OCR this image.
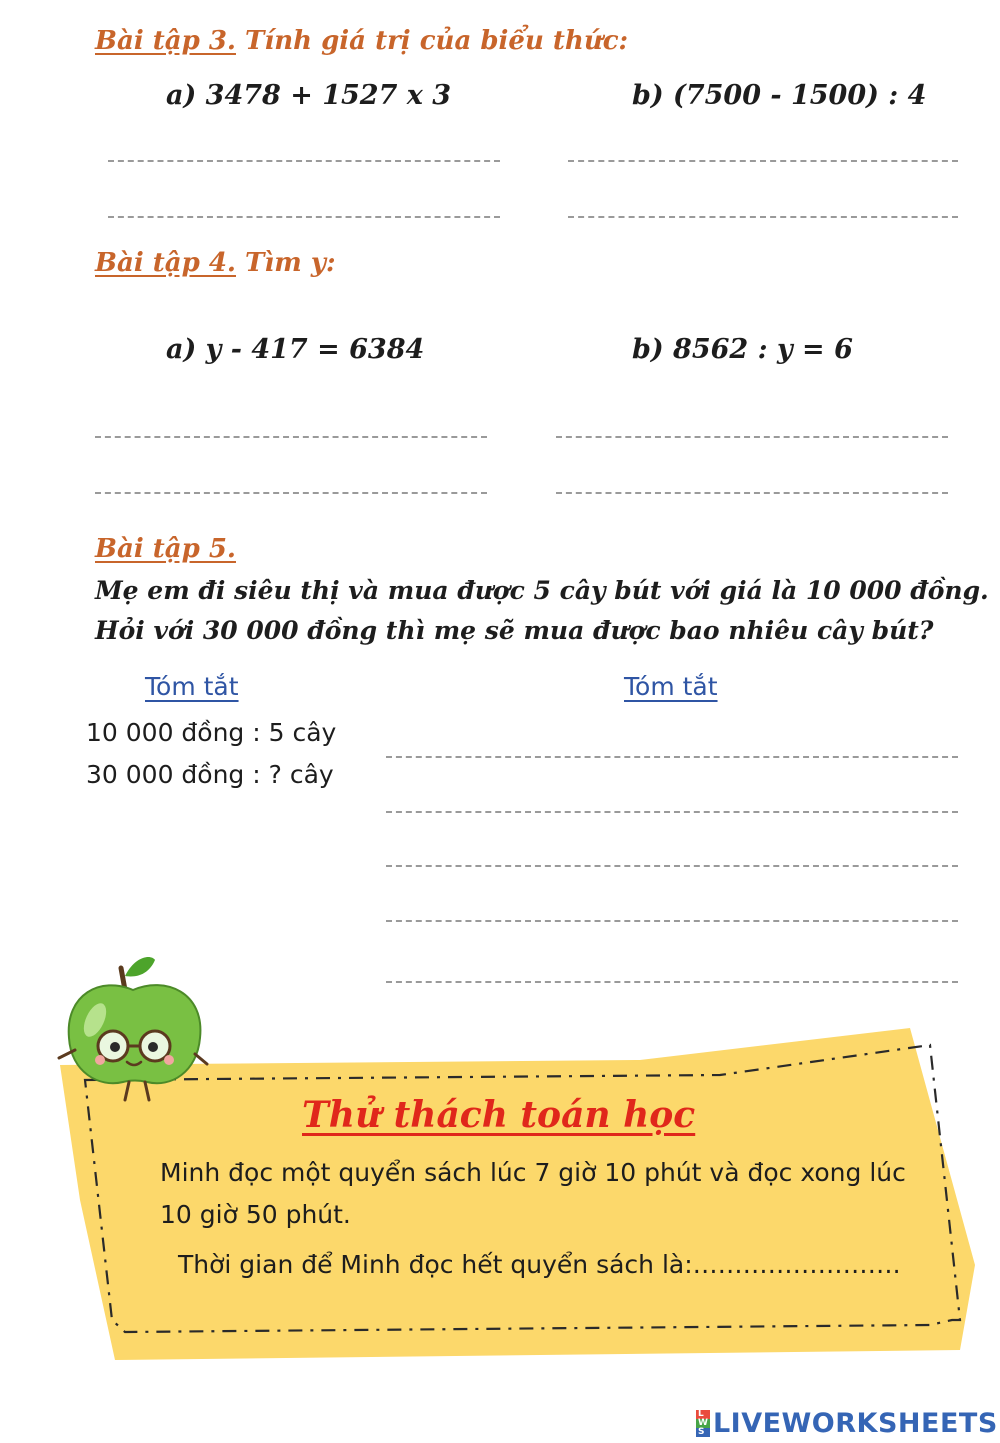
Bài tập 3. Tính giá trị của biểu thức:
a) 3478 + 1527 x 3	b) (7500 - 1500) : 4
Bài tập 4. Tìm y:
a) y - 417 = 6384	b) 8562 : y = 6
Bài tập 5.
Mẹ em đi siêu thị và mua được 5 cây bút với giá là 10 000 đồng.
Hỏi với 30 000 đồng thì mẹ sẽ mua được bao nhiêu cây bút?
Tóm tắt	Tóm tắt
10 000 đồng : 5 cây
30 000 đồng : ? cây
Thử thách toán học
Minh đọc một quyển sách lúc 7 giờ 10 phút và đọc xong lúc
10 giờ 50 phút.
Thời gian để Minh đọc hết quyển sách là:…………………….
L
W
S LIVEWORKSHEETS
